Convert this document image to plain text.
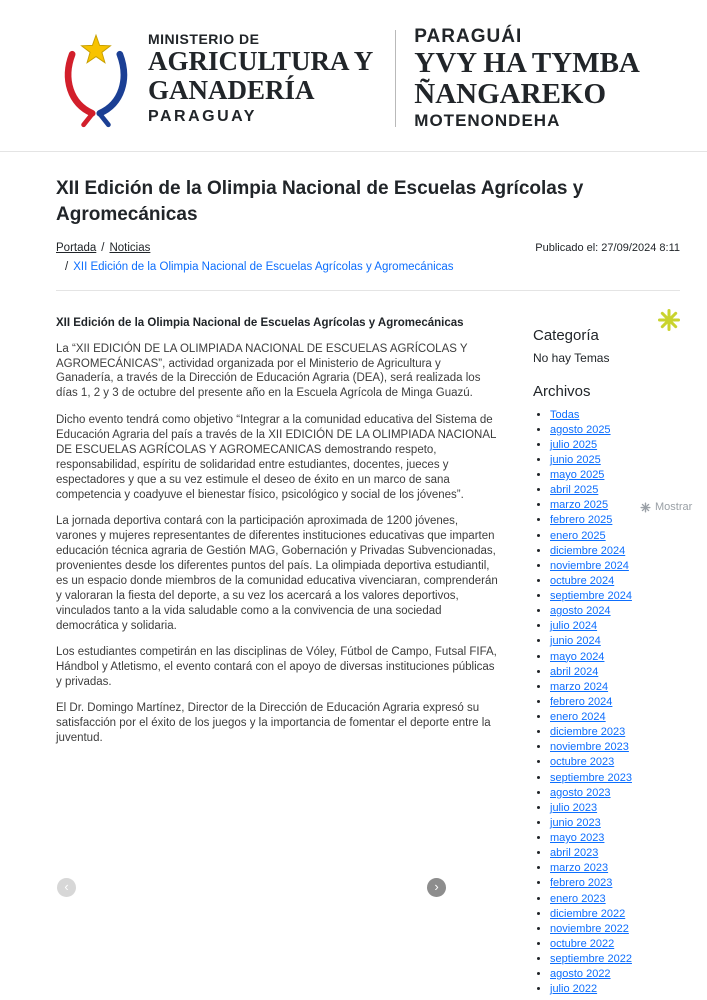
MINISTERIO DE
AGRICULTURA Y
GANADERÍA
PARAGUAY
PARAGUÁI
YVY HA TYMBA
ÑANGAREKO
MOTENONDEHA
XII Edición de la Olimpia Nacional de Escuelas Agrícolas y Agromecánicas
Portada / Noticias
/ XII Edición de la Olimpia Nacional de Escuelas Agrícolas y Agromecánicas
Publicado el: 27/09/2024 8:11
XII Edición de la Olimpia Nacional de Escuelas Agrícolas y Agromecánicas

La “XII EDICIÓN DE LA OLIMPIADA NACIONAL DE ESCUELAS AGRÍCOLAS Y AGROMECÁNICAS”, actividad organizada por el Ministerio de Agricultura y Ganadería, a través de la Dirección de Educación Agraria (DEA), será realizada los días 1, 2 y 3 de octubre del presente año en la Escuela Agrícola de Minga Guazú.

Dicho evento tendrá como objetivo “Integrar a la comunidad educativa del Sistema de Educación Agraria del país a través de la XII EDICIÓN DE LA OLIMPIADA NACIONAL DE ESCUELAS AGRÍCOLAS Y AGROMECANICAS demostrando respeto, responsabilidad, espíritu de solidaridad entre estudiantes, docentes, jueces y espectadores y que a su vez estimule el deseo de éxito en un marco de sana competencia y coadyuve el bienestar físico, psicológico y social de los jóvenes”.

La jornada deportiva contará con la participación aproximada de 1200 jóvenes, varones y mujeres representantes de diferentes instituciones educativas que imparten educación técnica agraria de Gestión MAG, Gobernación y Privadas Subvencionadas, provenientes desde los diferentes puntos del país. La olimpiada deportiva estudiantil, es un espacio donde miembros de la comunidad educativa vivenciaran, comprenderán y valoraran la fiesta del deporte, a su vez los acercará a los valores deportivos, vinculados tanto a la vida saludable como a la convivencia de una sociedad democrática y solidaria.

Los estudiantes competirán en las disciplinas de Vóley, Fútbol de Campo, Futsal FIFA, Hándbol y Atletismo, el evento contará con el apoyo de diversas instituciones públicas y privadas.

El Dr. Domingo Martínez, Director de la Dirección de Educación Agraria expresó su satisfacción por el éxito de los juegos y la importancia de fomentar el deporte entre la juventud.

‹	›
Categoría
No hay Temas
Archivos
• Todas
• agosto 2025
• julio 2025
• junio 2025
• mayo 2025
• abril 2025
• marzo 2025
• febrero 2025
• enero 2025
• diciembre 2024
• noviembre 2024
• octubre 2024
• septiembre 2024
• agosto 2024
• julio 2024
• junio 2024
• mayo 2024
• abril 2024
• marzo 2024
• febrero 2024
• enero 2024
• diciembre 2023
• noviembre 2023
• octubre 2023
• septiembre 2023
• agosto 2023
• julio 2023
• junio 2023
• mayo 2023
• abril 2023
• marzo 2023
• febrero 2023
• enero 2023
• diciembre 2022
• noviembre 2022
• octubre 2022
• septiembre 2022
• agosto 2022
• julio 2022
Mostrar
